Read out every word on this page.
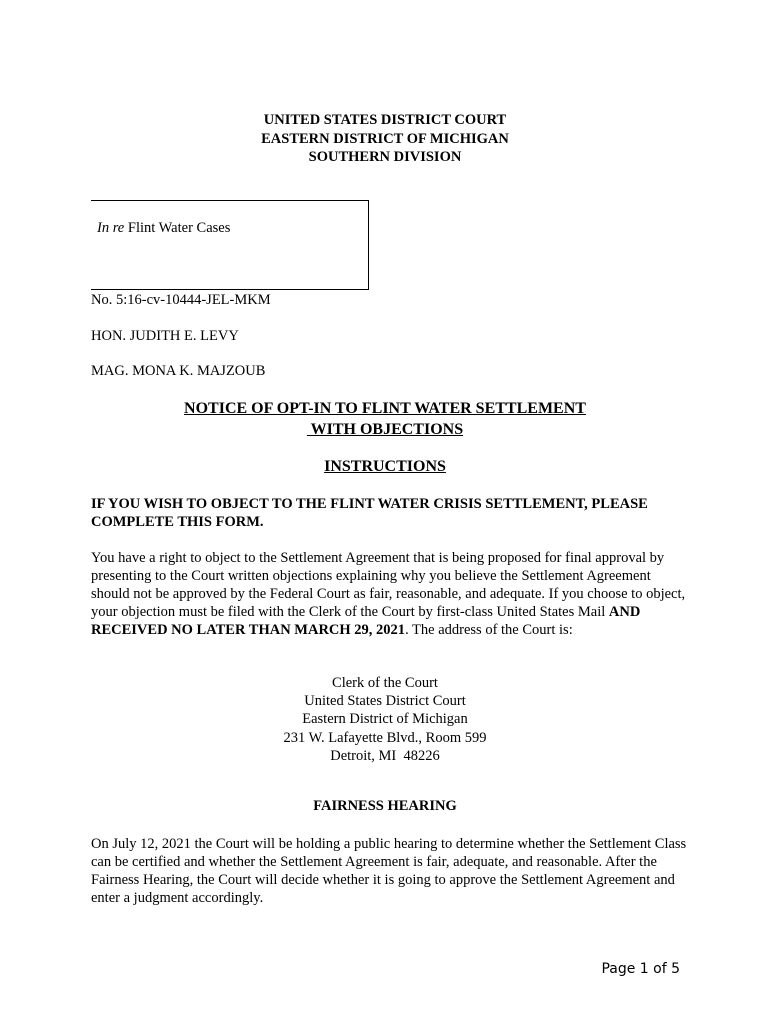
UNITED STATES DISTRICT COURT
EASTERN DISTRICT OF MICHIGAN
SOUTHERN DIVISION
In re Flint Water Cases
No. 5:16-cv-10444-JEL-MKM
HON. JUDITH E. LEVY
MAG. MONA K. MAJZOUB
NOTICE OF OPT-IN TO FLINT WATER SETTLEMENT
WITH OBJECTIONS
INSTRUCTIONS
IF YOU WISH TO OBJECT TO THE FLINT WATER CRISIS SETTLEMENT, PLEASE COMPLETE THIS FORM.
You have a right to object to the Settlement Agreement that is being proposed for final approval by presenting to the Court written objections explaining why you believe the Settlement Agreement should not be approved by the Federal Court as fair, reasonable, and adequate. If you choose to object, your objection must be filed with the Clerk of the Court by first-class United States Mail AND RECEIVED NO LATER THAN MARCH 29, 2021. The address of the Court is:
Clerk of the Court
United States District Court
Eastern District of Michigan
231 W. Lafayette Blvd., Room 599
Detroit, MI  48226
FAIRNESS HEARING
On July 12, 2021 the Court will be holding a public hearing to determine whether the Settlement Class can be certified and whether the Settlement Agreement is fair, adequate, and reasonable. After the Fairness Hearing, the Court will decide whether it is going to approve the Settlement Agreement and enter a judgment accordingly.
Page 1 of 5
